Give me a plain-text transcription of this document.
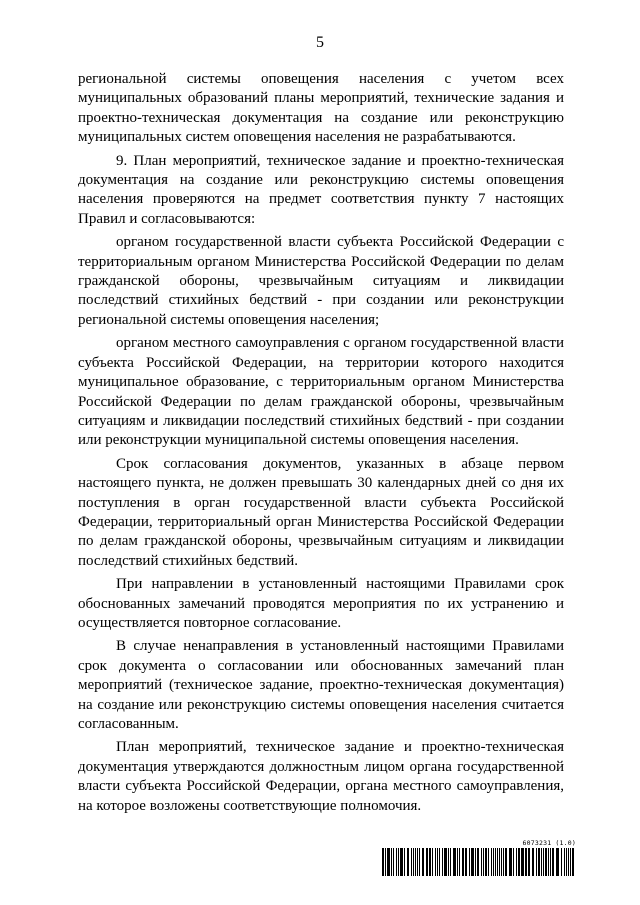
5

региональной системы оповещения населения с учетом всех муниципальных образований планы мероприятий, технические задания и проектно-техническая документация на создание или реконструкцию муниципальных систем оповещения населения не разрабатываются.

9. План мероприятий, техническое задание и проектно-техническая документация на создание или реконструкцию системы оповещения населения проверяются на предмет соответствия пункту 7 настоящих Правил и согласовываются:

органом государственной власти субъекта Российской Федерации с территориальным органом Министерства Российской Федерации по делам гражданской обороны, чрезвычайным ситуациям и ликвидации последствий стихийных бедствий - при создании или реконструкции региональной системы оповещения населения;

органом местного самоуправления с органом государственной власти субъекта Российской Федерации, на территории которого находится муниципальное образование, с территориальным органом Министерства Российской Федерации по делам гражданской обороны, чрезвычайным ситуациям и ликвидации последствий стихийных бедствий - при создании или реконструкции муниципальной системы оповещения населения.

Срок согласования документов, указанных в абзаце первом настоящего пункта, не должен превышать 30 календарных дней со дня их поступления в орган государственной власти субъекта Российской Федерации, территориальный орган Министерства Российской Федерации по делам гражданской обороны, чрезвычайным ситуациям и ликвидации последствий стихийных бедствий.

При направлении в установленный настоящими Правилами срок обоснованных замечаний проводятся мероприятия по их устранению и осуществляется повторное согласование.

В случае ненаправления в установленный настоящими Правилами срок документа о согласовании или обоснованных замечаний план мероприятий (техническое задание, проектно-техническая документация) на создание или реконструкцию системы оповещения населения считается согласованным.

План мероприятий, техническое задание и проектно-техническая документация утверждаются должностным лицом органа государственной власти субъекта Российской Федерации, органа местного самоуправления, на которое возложены соответствующие полномочия.

6073231 (1.0)
